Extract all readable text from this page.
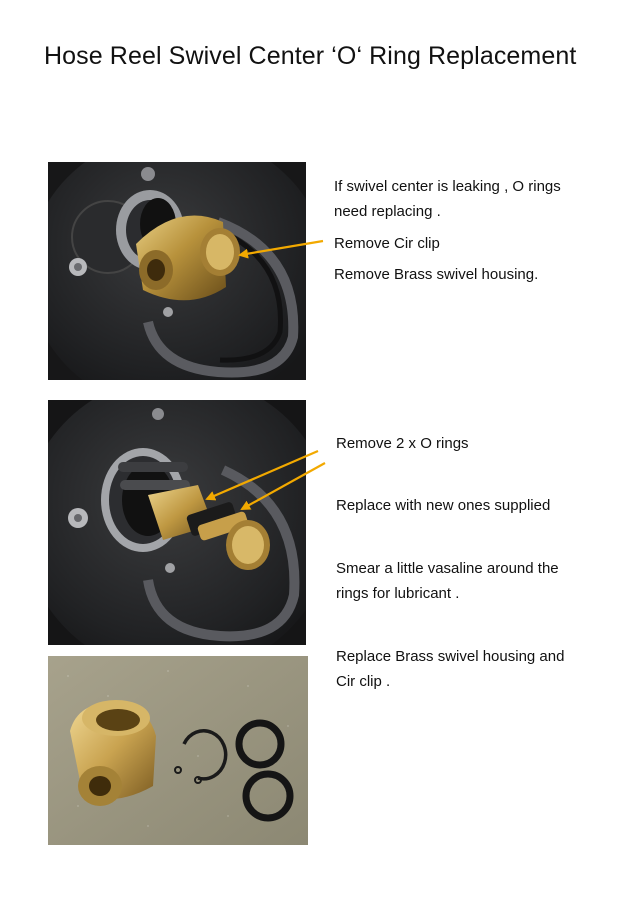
Hose Reel Swivel Center ‘O‘ Ring Replacement
If swivel center is leaking , O rings
need replacing .
Remove Cir clip
Remove Brass swivel housing.
Remove 2 x O rings
Replace with new ones supplied
Smear a little vasaline around the
rings for lubricant .
Replace Brass swivel housing and
Cir clip .
